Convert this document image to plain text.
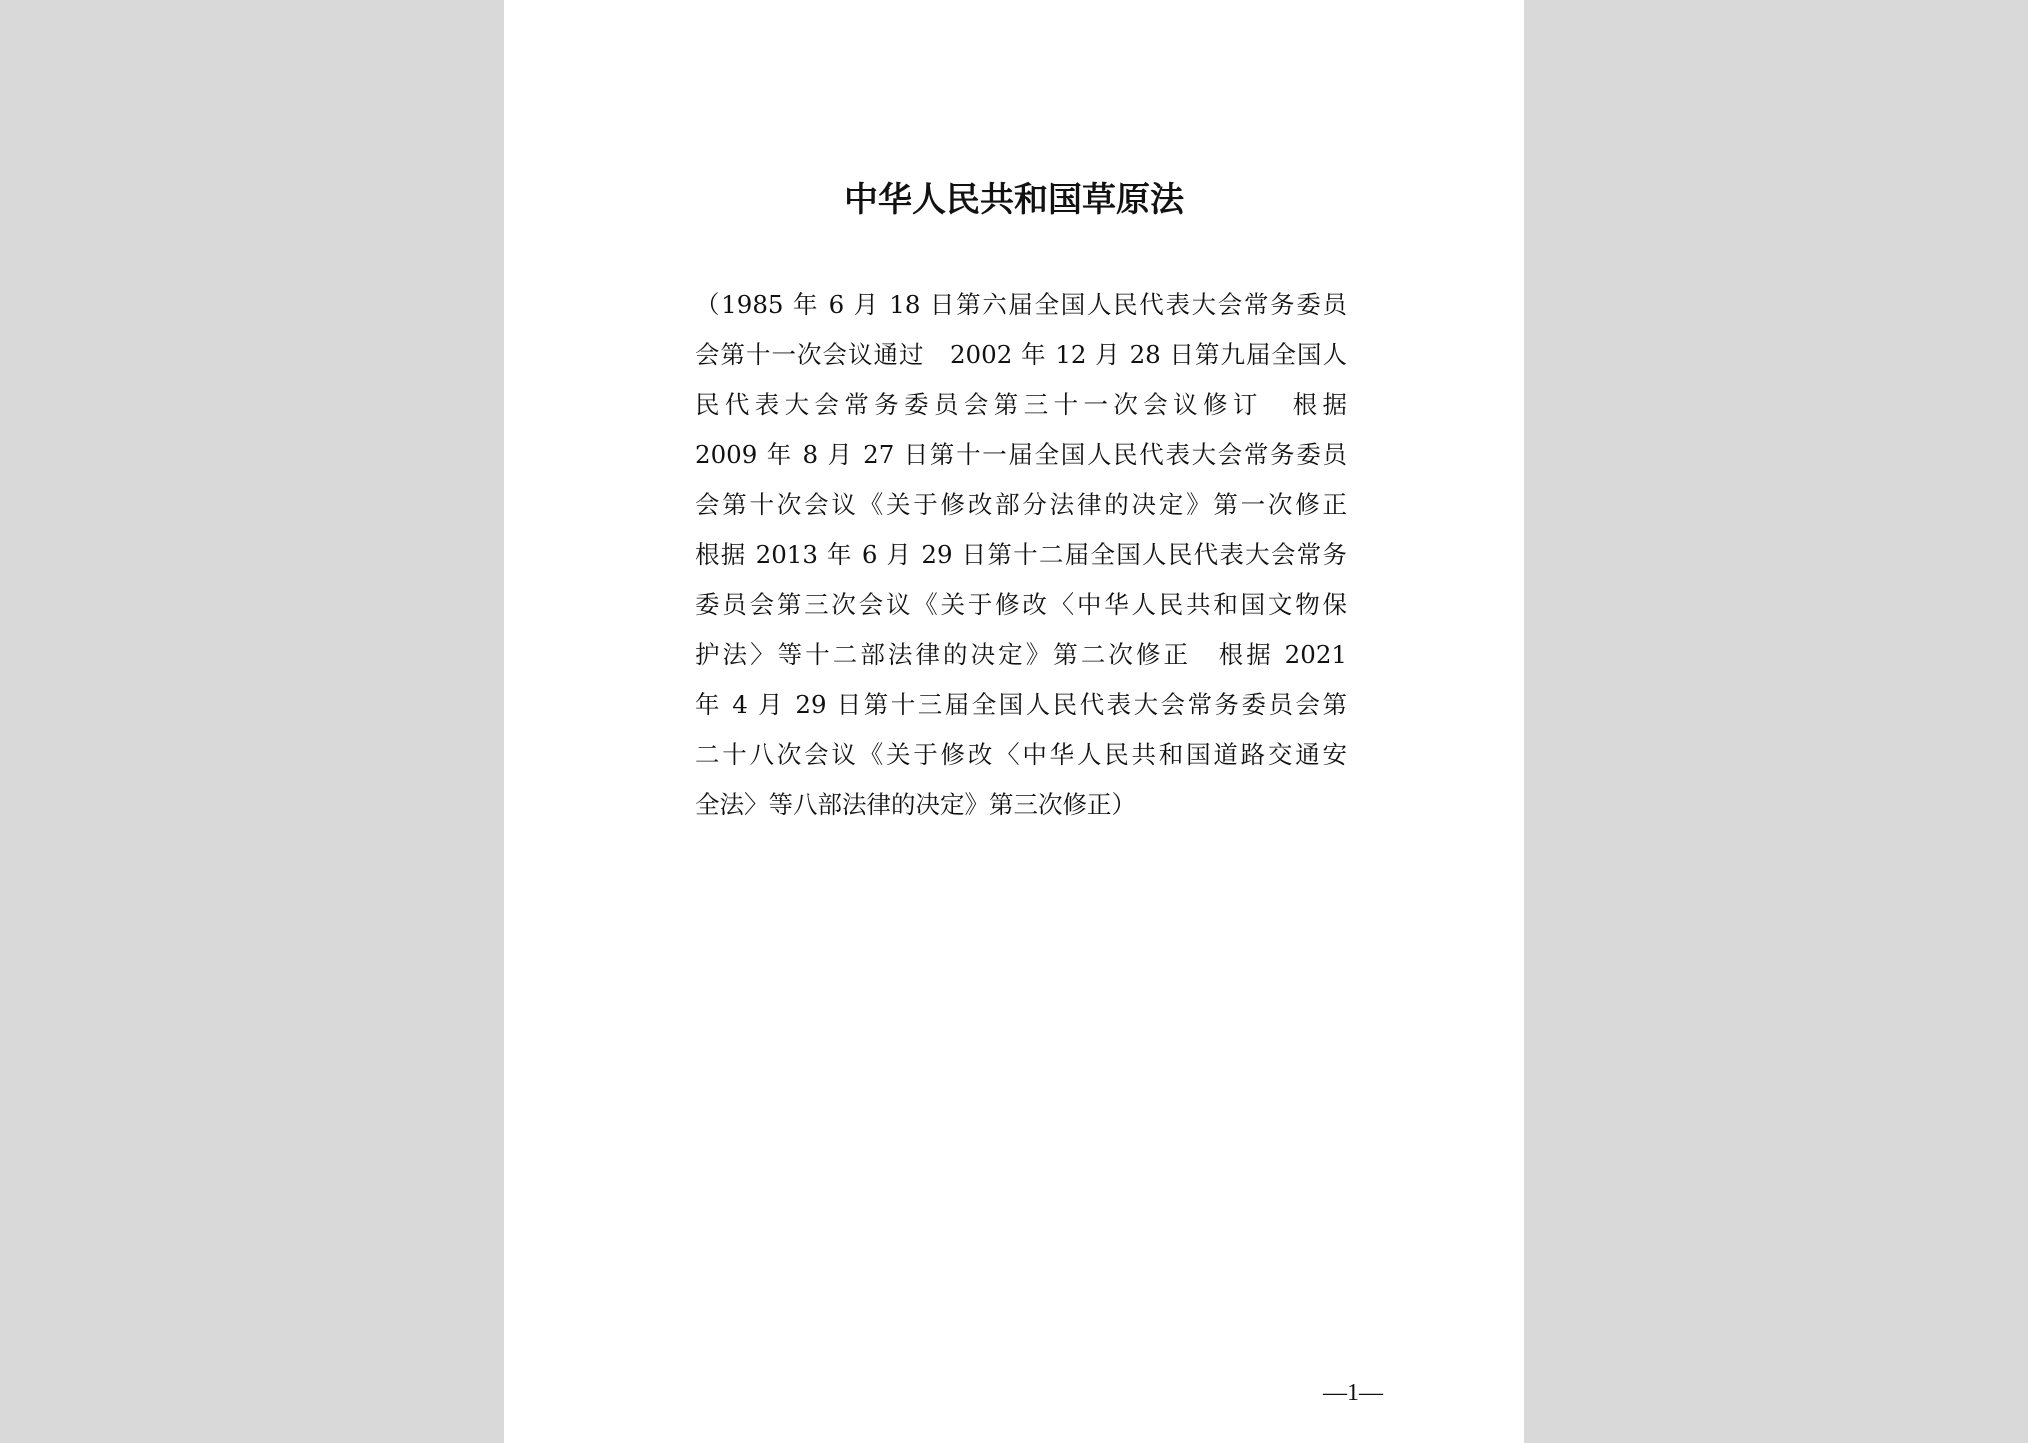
中华人民共和国草原法
（1985 年 6 月 18 日第六届全国人民代表大会常务委员
会第十一次会议通过　2002 年 12 月 28 日第九届全国人
民代表大会常务委员会第三十一次会议修订　根据
2009 年 8 月 27 日第十一届全国人民代表大会常务委员
会第十次会议《关于修改部分法律的决定》第一次修正
根据 2013 年 6 月 29 日第十二届全国人民代表大会常务
委员会第三次会议《关于修改〈中华人民共和国文物保
护法〉等十二部法律的决定》第二次修正　根据 2021
年 4 月 29 日第十三届全国人民代表大会常务委员会第
二十八次会议《关于修改〈中华人民共和国道路交通安
全法〉等八部法律的决定》第三次修正）
—1—
